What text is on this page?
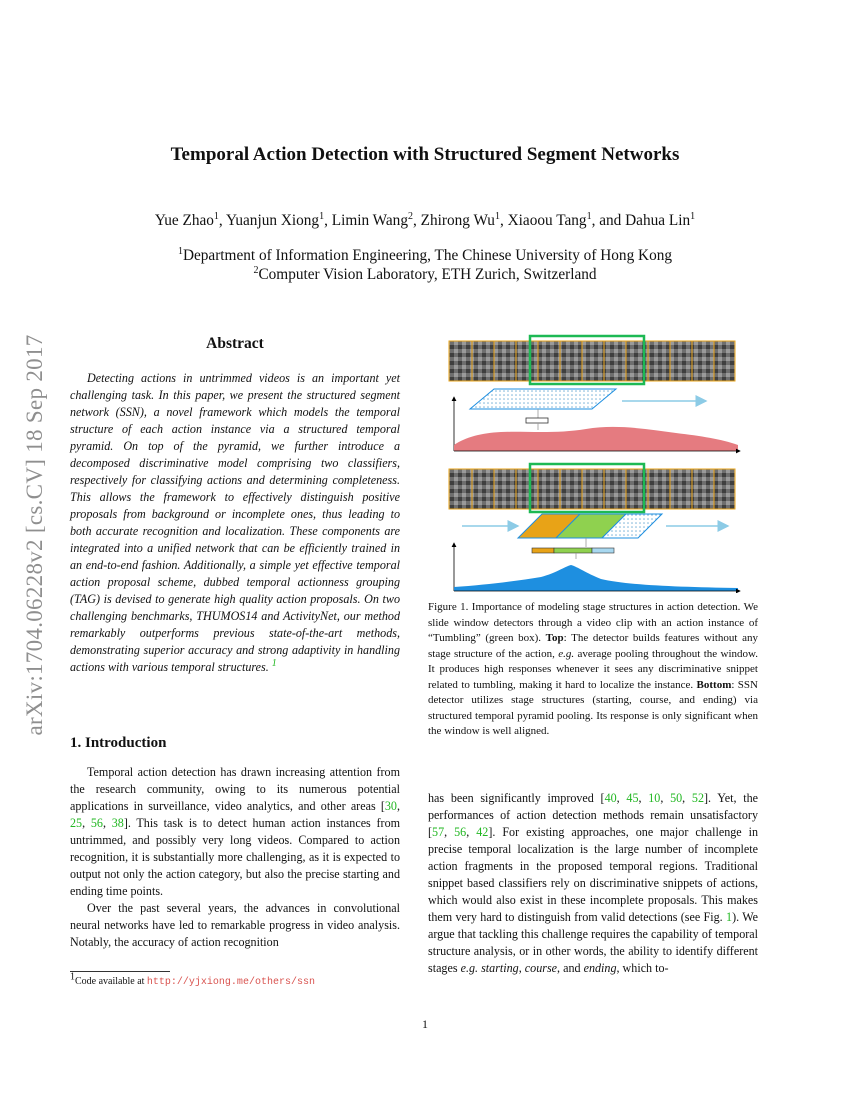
arXiv:1704.06228v2 [cs.CV] 18 Sep 2017
Temporal Action Detection with Structured Segment Networks
Yue Zhao$^1$, Yuanjun Xiong$^1$, Limin Wang$^2$, Zhirong Wu$^1$, Xiaoou Tang$^1$, and Dahua Lin$^1$
$^1$Department of Information Engineering, The Chinese University of Hong Kong
$^2$Computer Vision Laboratory, ETH Zurich, Switzerland
Abstract

Detecting actions in untrimmed videos is an important yet challenging task. In this paper, we present the structured segment network (SSN), a novel framework which models the temporal structure of each action instance via a structured temporal pyramid. On top of the pyramid, we further introduce a decomposed discriminative model comprising two classifiers, respectively for classifying actions and determining completeness. This allows the framework to effectively distinguish positive proposals from background or incomplete ones, thus leading to both accurate recognition and localization. These components are integrated into a unified network that can be efficiently trained in an end-to-end fashion. Additionally, a simple yet effective temporal action proposal scheme, dubbed temporal actionness grouping (TAG) is devised to generate high quality action proposals. On two challenging benchmarks, THUMOS14 and ActivityNet, our method remarkably outperforms previous state-of-the-art methods, demonstrating superior accuracy and strong adaptivity in handling actions with various temporal structures. $^1$

1. Introduction

Temporal action detection has drawn increasing attention from the research community, owing to its numerous potential applications in surveillance, video analytics, and other areas [30, 25, 56, 38]. This task is to detect human action instances from untrimmed, and possibly very long videos. Compared to action recognition, it is substantially more challenging, as it is expected to output not only the action category, but also the precise starting and ending time points.

Over the past several years, the advances in convolutional neural networks have led to remarkable progress in video analysis. Notably, the accuracy of action recognition

has been significantly improved [40, 45, 10, 50, 52]. Yet, the performances of action detection methods remain unsatisfactory [57, 56, 42]. For existing approaches, one major challenge in precise temporal localization is the large number of incomplete action fragments in the proposed temporal regions. Traditional snippet based classifiers rely on discriminative snippets of actions, which would also exist in these incomplete proposals. This makes them very hard to distinguish from valid detections (see Fig. 1). We argue that tackling this challenge requires the capability of temporal structure analysis, or in other words, the ability to identify different stages e.g. starting, course, and ending, which to-

Figure 1. Importance of modeling stage structures in action detection. We slide window detectors through a video clip with an action instance of “Tumbling” (green box). Top: The detector builds features without any stage structure of the action, e.g. average pooling throughout the window. It produces high responses whenever it sees any discriminative snippet related to tumbling, making it hard to localize the instance. Bottom: SSN detector utilizes stage structures (starting, course, and ending) via structured temporal pyramid pooling. Its response is only significant when the window is well aligned.

$^1$Code available at http://yjxiong.me/others/ssn
1
